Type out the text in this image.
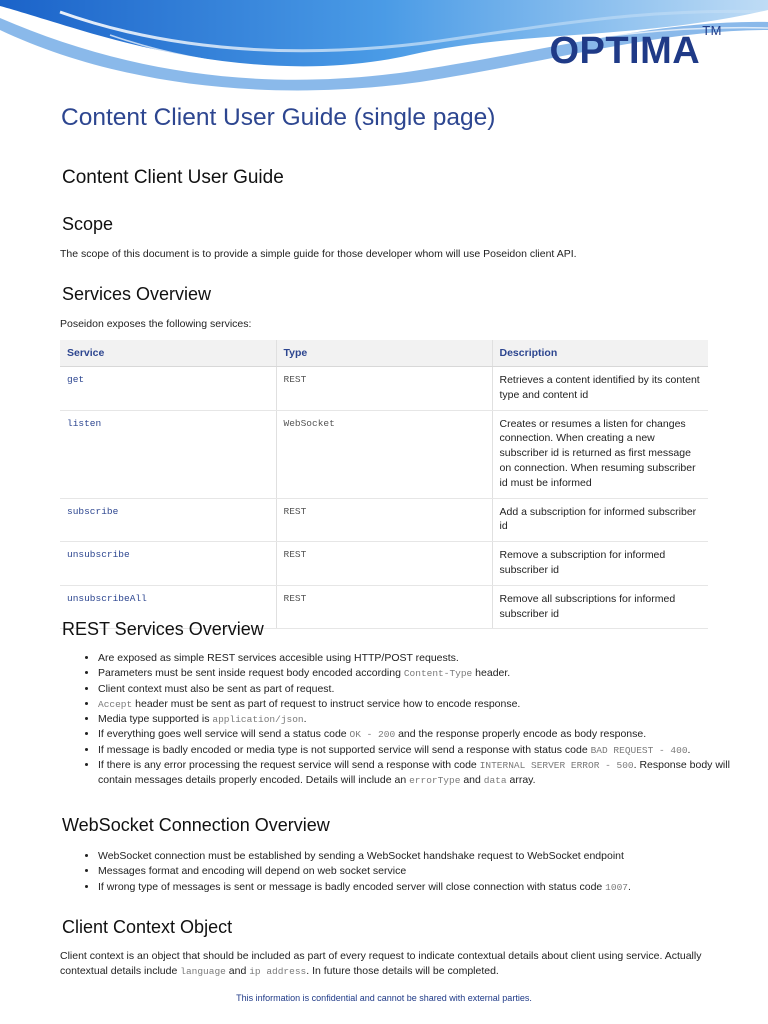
OPTIMA ™
Content Client User Guide (single page)
Content Client User Guide
Scope

The scope of this document is to provide a simple guide for those developer whom will use Poseidon client API.

Services Overview

Poseidon exposes the following services:

Service	Type	Description
get	REST	Retrieves a content identified by its content type and content id
listen	WebSocket	Creates or resumes a listen for changes connection. When creating a new subscriber id is returned as first message on connection. When resuming subscriber id must be informed
subscribe	REST	Add a subscription for informed subscriber id
unsubscribe	REST	Remove a subscription for informed subscriber id
unsubscribeAll	REST	Remove all subscriptions for informed subscriber id
REST Services Overview
• Are exposed as simple REST services accesible using HTTP/POST requests.
• Parameters must be sent inside request body encoded according Content-Type header.
• Client context must also be sent as part of request.
• Accept header must be sent as part of request to instruct service how to encode response.
• Media type supported is application/json.
• If everything goes well service will send a status code OK - 200 and the response properly encode as body response.
• If message is badly encoded or media type is not supported service will send a response with status code BAD REQUEST - 400.
• If there is any error processing the request service will send a response with code INTERNAL SERVER ERROR - 500. Response body will contain messages details properly encoded. Details will include an errorType and data array.
WebSocket Connection Overview
• WebSocket connection must be established by sending a WebSocket handshake request to WebSocket endpoint
• Messages format and encoding will depend on web socket service
• If wrong type of messages is sent or message is badly encoded server will close connection with status code 1007.
Client Context Object
Client context is an object that should be included as part of every request to indicate contextual details about client using service. Actually contextual details include language and ip address. In future those details will be completed.
This information is confidential and cannot be shared with external parties.
